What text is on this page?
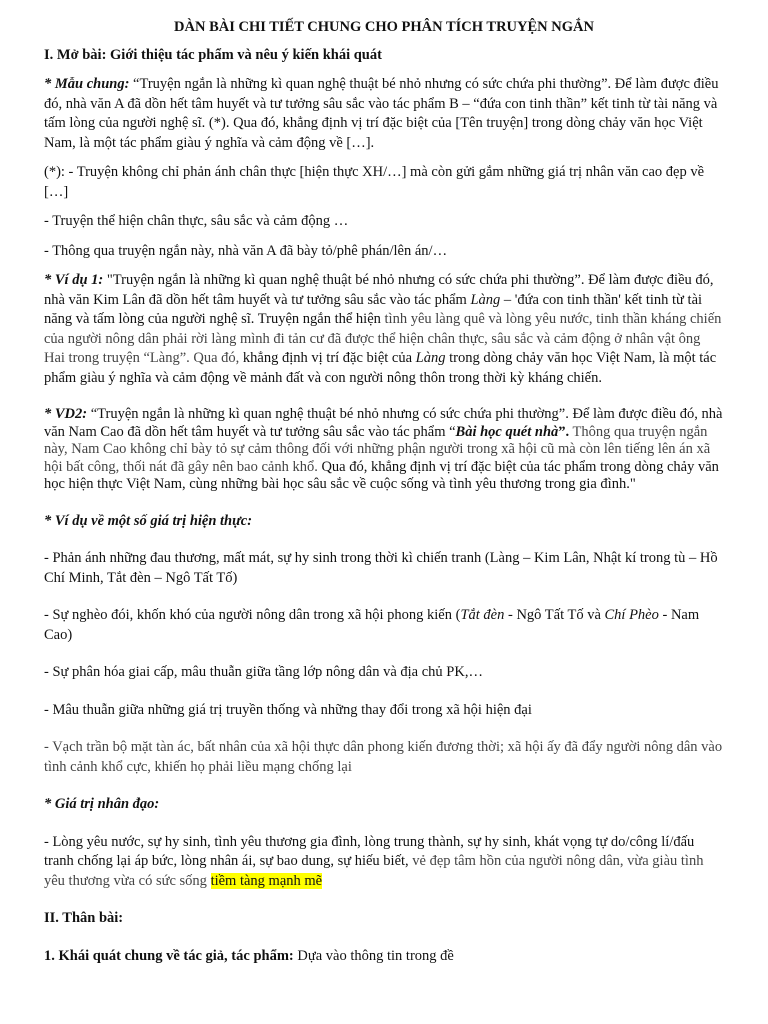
DÀN BÀI CHI TIẾT CHUNG CHO PHÂN TÍCH TRUYỆN NGẮN

I. Mở bài: Giới thiệu tác phẩm và nêu ý kiến khái quát

* Mẫu chung: “Truyện ngắn là những kì quan nghệ thuật bé nhỏ nhưng có sức chứa phi thường”. Để làm được điều đó, nhà văn A đã dồn hết tâm huyết và tư tưởng sâu sắc vào tác phẩm B – “đứa con tinh thần” kết tinh từ tài năng và tấm lòng của người nghệ sĩ. (*). Qua đó, khẳng định vị trí đặc biệt của [Tên truyện] trong dòng chảy văn học Việt Nam, là một tác phẩm giàu ý nghĩa và cảm động về […].

(*): - Truyện không chỉ phản ánh chân thực [hiện thực XH/…] mà còn gửi gắm những giá trị nhân văn cao đẹp về […]

- Truyện thể hiện chân thực, sâu sắc và cảm động …

- Thông qua truyện ngắn này, nhà văn A đã bày tỏ/phê phán/lên án/…

* Ví dụ 1: "Truyện ngắn là những kì quan nghệ thuật bé nhỏ nhưng có sức chứa phi thường”. Để làm được điều đó, nhà văn Kim Lân đã dồn hết tâm huyết và tư tưởng sâu sắc vào tác phẩm Làng – 'đứa con tinh thần' kết tinh từ tài năng và tấm lòng của người nghệ sĩ. Truyện ngắn thể hiện tình yêu làng quê và lòng yêu nước, tinh thần kháng chiến của người nông dân phải rời làng mình đi tản cư đã được thể hiện chân thực, sâu sắc và cảm động ở nhân vật ông Hai trong truyện “Làng”. Qua đó, khẳng định vị trí đặc biệt của Làng trong dòng chảy văn học Việt Nam, là một tác phẩm giàu ý nghĩa và cảm động về mảnh đất và con người nông thôn trong thời kỳ kháng chiến.

* VD2: “Truyện ngắn là những kì quan nghệ thuật bé nhỏ nhưng có sức chứa phi thường”. Để làm được điều đó, nhà văn Nam Cao đã dồn hết tâm huyết và tư tưởng sâu sắc vào tác phẩm “Bài học quét nhà”. Thông qua truyện ngắn này, Nam Cao không chỉ bày tỏ sự cảm thông đối với những phận người trong xã hội cũ mà còn lên tiếng lên án xã hội bất công, thối nát đã gây nên bao cảnh khổ. Qua đó, khẳng định vị trí đặc biệt của tác phẩm trong dòng chảy văn học hiện thực Việt Nam, cùng những bài học sâu sắc về cuộc sống và tình yêu thương trong gia đình."

* Ví dụ về một số giá trị hiện thực:

- Phản ánh những đau thương, mất mát, sự hy sinh trong thời kì chiến tranh (Làng – Kim Lân, Nhật kí trong tù – Hồ Chí Minh, Tắt đèn – Ngô Tất Tố)

- Sự nghèo đói, khốn khó của người nông dân trong xã hội phong kiến (Tắt đèn - Ngô Tất Tố và Chí Phèo - Nam Cao)

- Sự phân hóa giai cấp, mâu thuẫn giữa tầng lớp nông dân và địa chủ PK,…

- Mâu thuẫn giữa những giá trị truyền thống và những thay đổi trong xã hội hiện đại

- Vạch trần bộ mặt tàn ác, bất nhân của xã hội thực dân phong kiến đương thời; xã hội ấy đã đẩy người nông dân vào tình cảnh khổ cực, khiến họ phải liều mạng chống lại

* Giá trị nhân đạo:

- Lòng yêu nước, sự hy sinh, tình yêu thương gia đình, lòng trung thành, sự hy sinh, khát vọng tự do/công lí/đấu tranh chống lại áp bức, lòng nhân ái, sự bao dung, sự hiếu biết, vẻ đẹp tâm hồn của người nông dân, vừa giàu tình yêu thương vừa có sức sống tiềm tàng mạnh mẽ

II. Thân bài:

1. Khái quát chung về tác giả, tác phẩm: Dựa vào thông tin trong đề
